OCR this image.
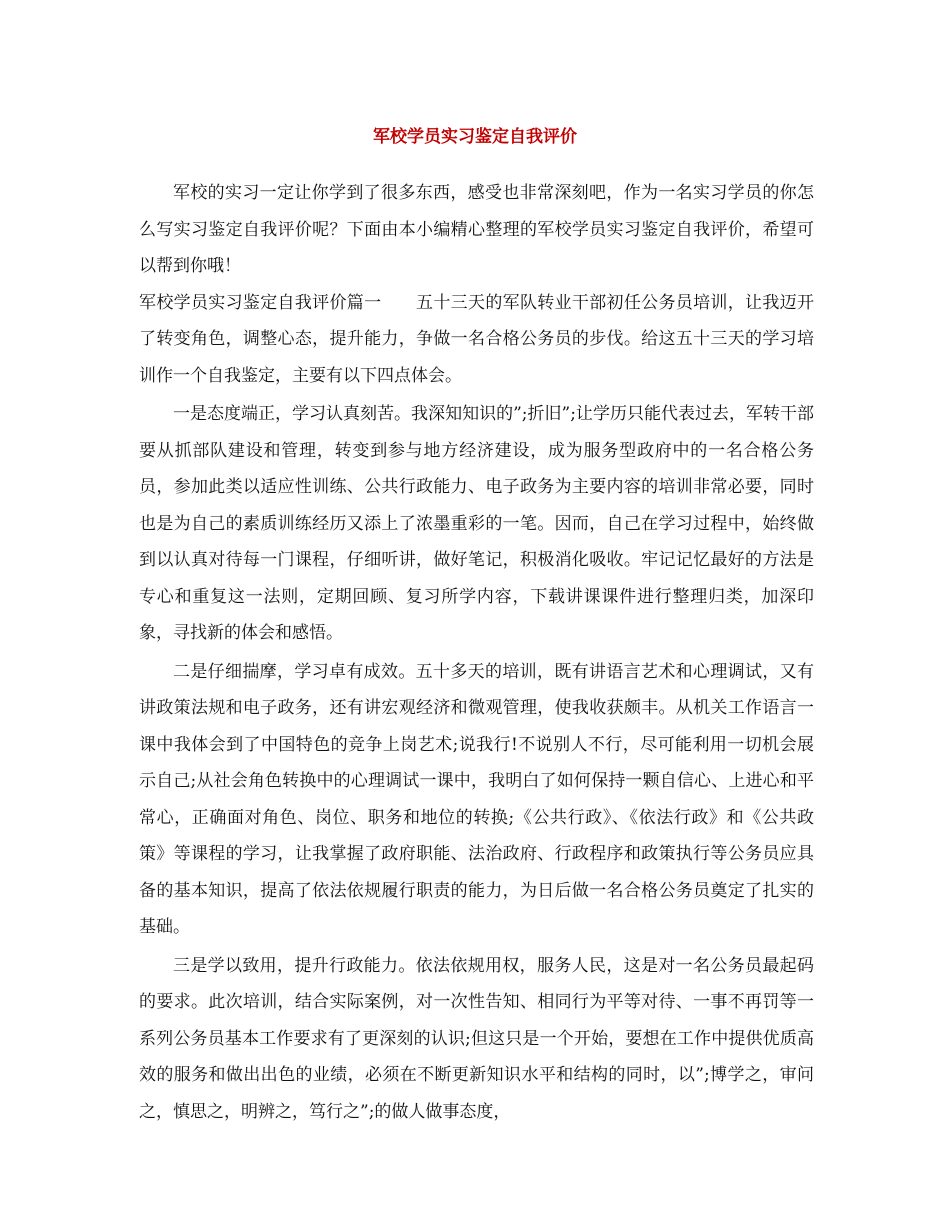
军校学员实习鉴定自我评价

军校的实习一定让你学到了很多东西，感受也非常深刻吧，作为一名实习学员的你怎么写实习鉴定自我评价呢？下面由本小编精心整理的军校学员实习鉴定自我评价，希望可以帮到你哦！

军校学员实习鉴定自我评价篇一　　五十三天的军队转业干部初任公务员培训，让我迈开了转变角色，调整心态，提升能力，争做一名合格公务员的步伐。给这五十三天的学习培训作一个自我鉴定，主要有以下四点体会。

一是态度端正，学习认真刻苦。我深知知识的”;折旧”;让学历只能代表过去，军转干部要从抓部队建设和管理，转变到参与地方经济建设，成为服务型政府中的一名合格公务员，参加此类以适应性训练、公共行政能力、电子政务为主要内容的培训非常必要，同时也是为自己的素质训练经历又添上了浓墨重彩的一笔。因而，自己在学习过程中，始终做到以认真对待每一门课程，仔细听讲，做好笔记，积极消化吸收。牢记记忆最好的方法是专心和重复这一法则，定期回顾、复习所学内容，下载讲课课件进行整理归类，加深印象，寻找新的体会和感悟。

二是仔细揣摩，学习卓有成效。五十多天的培训，既有讲语言艺术和心理调试，又有讲政策法规和电子政务，还有讲宏观经济和微观管理，使我收获颇丰。从机关工作语言一课中我体会到了中国特色的竞争上岗艺术;说我行!不说别人不行，尽可能利用一切机会展示自己;从社会角色转换中的心理调试一课中，我明白了如何保持一颗自信心、上进心和平常心，正确面对角色、岗位、职务和地位的转换;《公共行政》、《依法行政》和《公共政策》等课程的学习，让我掌握了政府职能、法治政府、行政程序和政策执行等公务员应具备的基本知识，提高了依法依规履行职责的能力，为日后做一名合格公务员奠定了扎实的基础。

三是学以致用，提升行政能力。依法依规用权，服务人民，这是对一名公务员最起码的要求。此次培训，结合实际案例，对一次性告知、相同行为平等对待、一事不再罚等一系列公务员基本工作要求有了更深刻的认识;但这只是一个开始，要想在工作中提供优质高效的服务和做出出色的业绩，必须在不断更新知识水平和结构的同时，以”;博学之，审问之，慎思之，明辨之，笃行之”;的做人做事态度，
